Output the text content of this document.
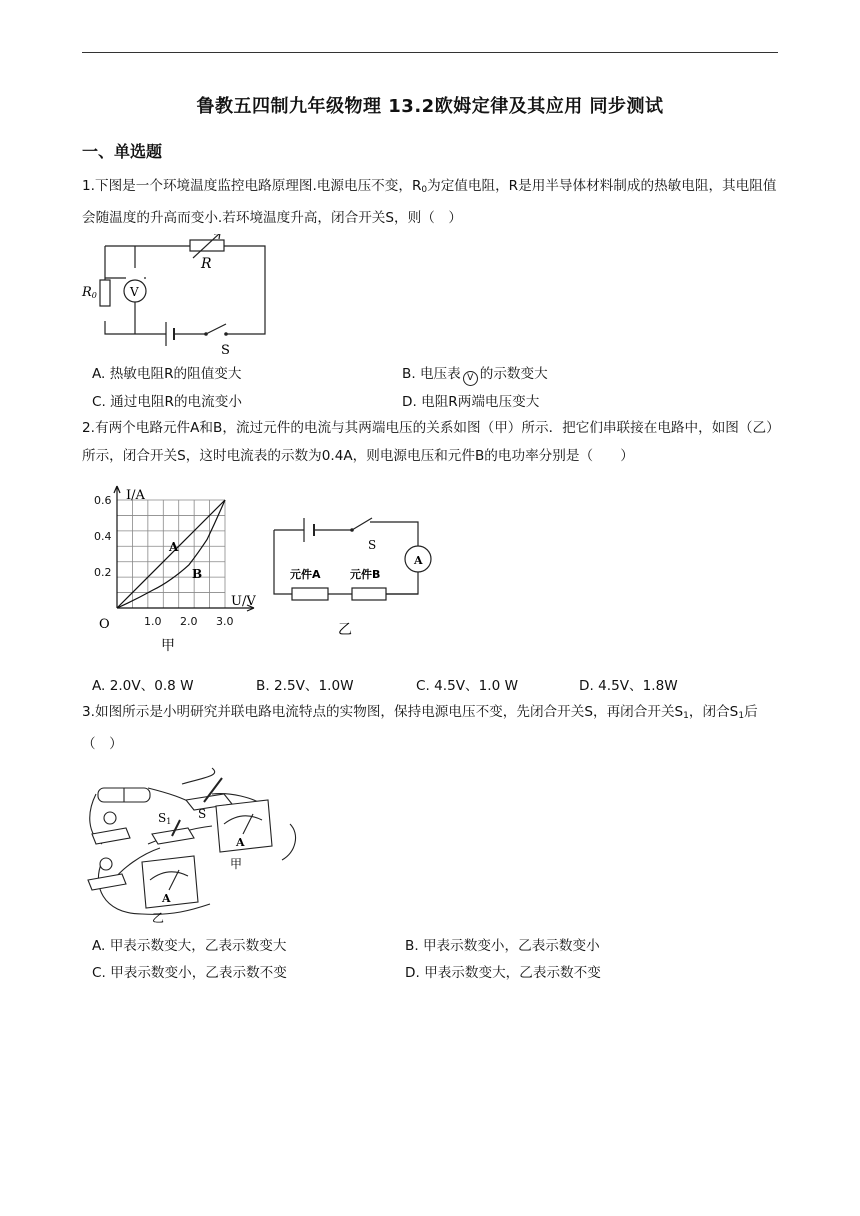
鲁教五四制九年级物理 13.2欧姆定律及其应用 同步测试
一、单选题
1.下图是一个环境温度监控电路原理图.电源电压不变，$R_0$为定值电阻，R是用半导体材料制成的热敏电阻，其电阻值会随温度的升高而变小.若环境温度升高，闭合开关S，则（　）
R
R0	V
S
A. 热敏电阻R的阻值变大	B. 电压表 V 的示数变大
C. 通过电阻R的电流变小	D. 电阻R两端电压变大
2.有两个电路元件A和B，流过元件的电流与其两端电压的关系如图（甲）所示．把它们串联接在电路中，如图（乙）所示，闭合开关S，这时电流表的示数为0.4A，则电源电压和元件B的电功率分别是（　　）
0.2
0.4
0.6
1.0 2.0 3.0
I/A
U/V
O
A
B
甲
S
A
元件A	元件B
乙
A. 2.0V、0.8 W	B. 2.5V、1.0W	C. 4.5V、1.0 W	D. 4.5V、1.8W
3.如图所示是小明研究并联电路电流特点的实物图，保持电源电压不变，先闭合开关S，再闭合开关$S_1$，闭合$S_1$后（　）
S
S1
A
A
甲
乙
A. 甲表示数变大，乙表示数变大	B. 甲表示数变小，乙表示数变小
C. 甲表示数变小，乙表示数不变	D. 甲表示数变大，乙表示数不变
